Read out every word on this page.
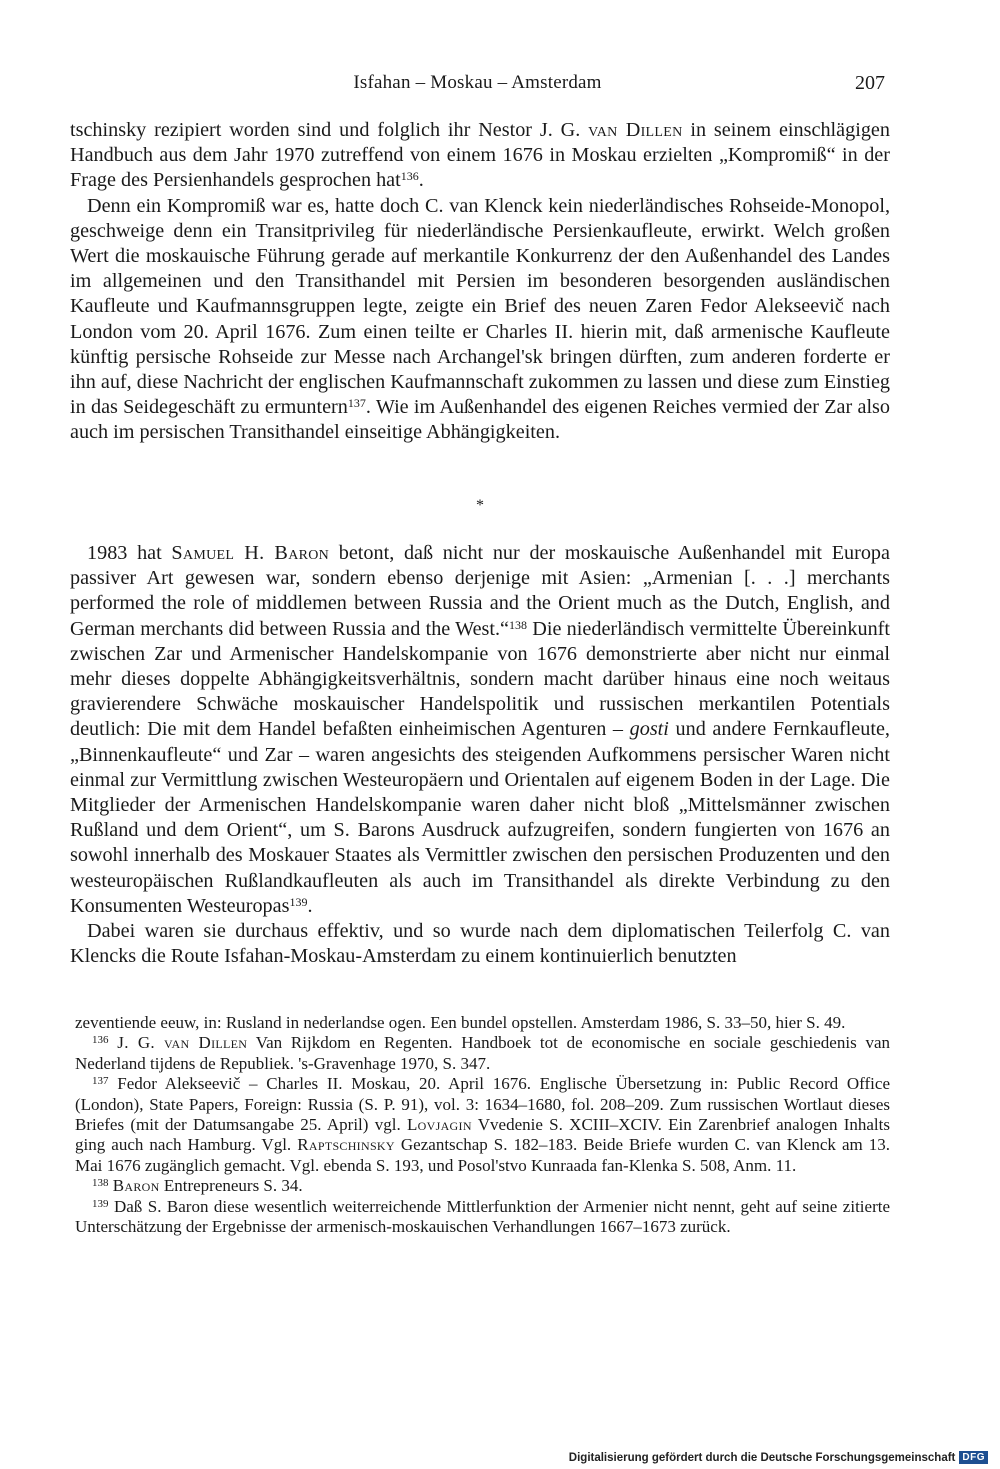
Isfahan – Moskau – Amsterdam	207

tschinsky rezipiert worden sind und folglich ihr Nestor J. G. van Dillen in seinem einschlägigen Handbuch aus dem Jahr 1970 zutreffend von einem 1676 in Moskau erzielten „Kompromiß“ in der Frage des Persienhandels gesprochen hat$^{136}$.

Denn ein Kompromiß war es, hatte doch C. van Klenck kein niederländisches Rohseide-Monopol, geschweige denn ein Transitprivileg für niederländische Persienkaufleute, erwirkt. Welch großen Wert die moskauische Führung gerade auf merkantile Konkurrenz der den Außenhandel des Landes im allgemeinen und den Transithandel mit Persien im besonderen besorgenden ausländischen Kaufleute und Kaufmannsgruppen legte, zeigte ein Brief des neuen Zaren Fedor Alekseevič nach London vom 20. April 1676. Zum einen teilte er Charles II. hierin mit, daß armenische Kaufleute künftig persische Rohseide zur Messe nach Archangel'sk bringen dürften, zum anderen forderte er ihn auf, diese Nachricht der englischen Kaufmannschaft zukommen zu lassen und diese zum Einstieg in das Seidegeschäft zu ermuntern$^{137}$. Wie im Außenhandel des eigenen Reiches vermied der Zar also auch im persischen Transithandel einseitige Abhängigkeiten.

*

1983 hat Samuel H. Baron betont, daß nicht nur der moskauische Außenhandel mit Europa passiver Art gewesen war, sondern ebenso derjenige mit Asien: „Armenian [. . .] merchants performed the role of middlemen between Russia and the Orient much as the Dutch, English, and German merchants did between Russia and the West.“$^{138}$ Die niederländisch vermittelte Übereinkunft zwischen Zar und Armenischer Handelskompanie von 1676 demonstrierte aber nicht nur einmal mehr dieses doppelte Abhängigkeitsverhältnis, sondern macht darüber hinaus eine noch weitaus gravierendere Schwäche moskauischer Handelspolitik und russischen merkantilen Potentials deutlich: Die mit dem Handel befaßten einheimischen Agenturen – gosti und andere Fernkaufleute, „Binnenkaufleute“ und Zar – waren angesichts des steigenden Aufkommens persischer Waren nicht einmal zur Vermittlung zwischen Westeuropäern und Orientalen auf eigenem Boden in der Lage. Die Mitglieder der Armenischen Handelskompanie waren daher nicht bloß „Mittelsmänner zwischen Rußland und dem Orient“, um S. Barons Ausdruck aufzugreifen, sondern fungierten von 1676 an sowohl innerhalb des Moskauer Staates als Vermittler zwischen den persischen Produzenten und den westeuropäischen Rußlandkaufleuten als auch im Transithandel als direkte Verbindung zu den Konsumenten Westeuropas$^{139}$.

Dabei waren sie durchaus effektiv, und so wurde nach dem diplomatischen Teilerfolg C. van Klencks die Route Isfahan-Moskau-Amsterdam zu einem kontinuierlich benutzten

zeventiende eeuw, in: Rusland in nederlandse ogen. Een bundel opstellen. Amsterdam 1986, S. 33–50, hier S. 49.

$^{136}$ J. G. van Dillen Van Rijkdom en Regenten. Handboek tot de economische en sociale geschiedenis van Nederland tijdens de Republiek. 's-Gravenhage 1970, S. 347.

$^{137}$ Fedor Alekseevič – Charles II. Moskau, 20. April 1676. Englische Übersetzung in: Public Record Office (London), State Papers, Foreign: Russia (S. P. 91), vol. 3: 1634–1680, fol. 208–209. Zum russischen Wortlaut dieses Briefes (mit der Datumsangabe 25. April) vgl. Lovjagin Vvedenie S. XCIII–XCIV. Ein Zarenbrief analogen Inhalts ging auch nach Hamburg. Vgl. Raptschinsky Gezantschap S. 182–183. Beide Briefe wurden C. van Klenck am 13. Mai 1676 zugänglich gemacht. Vgl. ebenda S. 193, und Posol'stvo Kunraada fan-Klenka S. 508, Anm. 11.

$^{138}$ Baron Entrepreneurs S. 34.

$^{139}$ Daß S. Baron diese wesentlich weiterreichende Mittlerfunktion der Armenier nicht nennt, geht auf seine zitierte Unterschätzung der Ergebnisse der armenisch-moskauischen Verhandlungen 1667–1673 zurück.

Digitalisierung gefördert durch die Deutsche Forschungsgemeinschaft DFG
